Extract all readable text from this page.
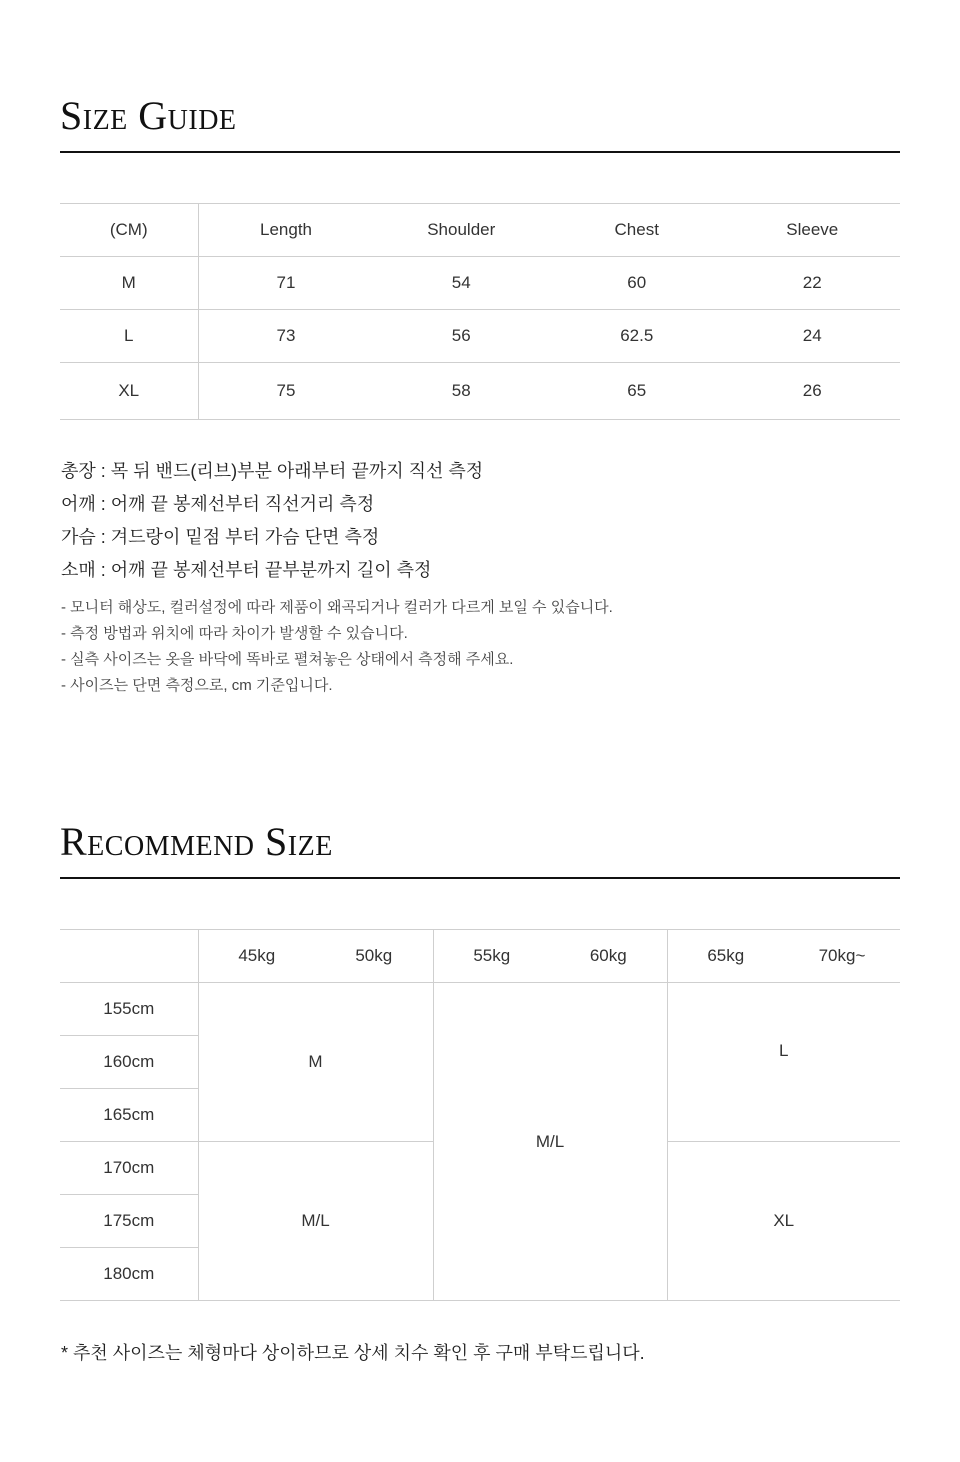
Size Guide
(CM)	Length	Shoulder	Chest	Sleeve
M	71	54	60	22
L	73	56	62.5	24
XL	75	58	65	26
총장 : 목 뒤 밴드(리브)부분 아래부터 끝까지 직선 측정
어깨 : 어깨 끝 봉제선부터 직선거리 측정
가슴 : 겨드랑이 밑점 부터 가슴 단면 측정
소매 : 어깨 끝 봉제선부터 끝부분까지 길이 측정
- 모니터 해상도, 컬러설정에 따라 제품이 왜곡되거나 컬러가 다르게 보일 수 있습니다.
- 측정 방법과 위치에 따라 차이가 발생할 수 있습니다.
- 실측 사이즈는 옷을 바닥에 똑바로 펼쳐놓은 상태에서 측정해 주세요.
- 사이즈는 단면 측정으로, cm 기준입니다.
Recommend Size
	45kg	50kg	55kg	60kg	65kg	70kg~
155cm	M		M/L		L	
160cm						
165cm						
170cm	M/L				XL	
175cm						
180cm						

* 추천 사이즈는 체형마다 상이하므로 상세 치수 확인 후 구매 부탁드립니다.
